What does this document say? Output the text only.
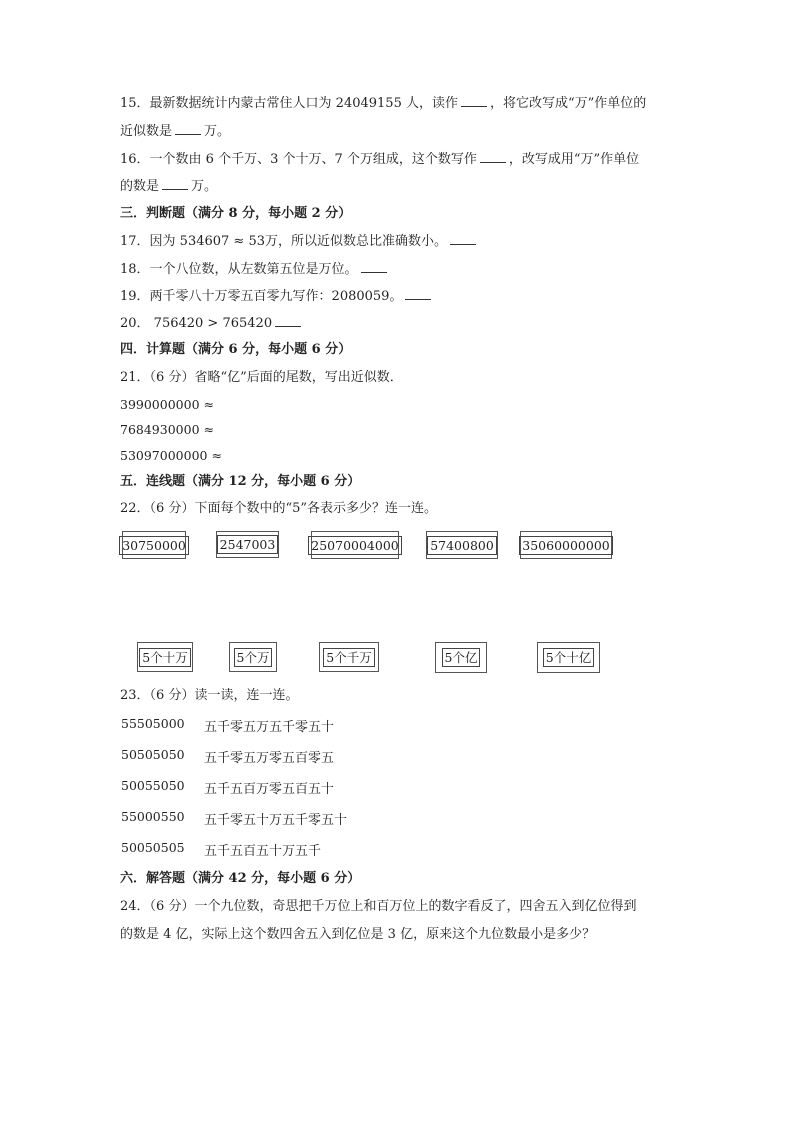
15．最新数据统计内蒙古常住人口为 24049155 人，读作 ，将它改写成“万”作单位的
近似数是 万。
16．一个数由 6 个千万、3 个十万、7 个万组成，这个数写作 ，改写成用“万”作单位
的数是 万。
三．判断题（满分 8 分，每小题 2 分）
17．因为 534607 ≈ 53万，所以近似数总比准确数小。
18．一个八位数，从左数第五位是万位。
19．两千零八十万零五百零九写作：2080059。
20． 756420 > 765420
四．计算题（满分 6 分，每小题 6 分）
21．（6 分）省略“亿”后面的尾数，写出近似数．
3990000000 ≈
7684930000 ≈
53097000000 ≈
五．连线题（满分 12 分，每小题 6 分）
22．（6 分）下面每个数中的“5”各表示多少？连一连。
30750000	2547003	25070004000	57400800 35060000000
5个十万	5个万	5个千万	5个亿	5个十亿
23．（6 分）读一读，连一连。
55505000 五千零五万五千零五十
50505050 五千零五万零五百零五
50055050 五千五百万零五百五十
55000550 五千零五十万五千零五十
50050505 五千五百五十万五千
六．解答题（满分 42 分，每小题 6 分）
24．（6 分）一个九位数，奇思把千万位上和百万位上的数字看反了，四舍五入到亿位得到
的数是 4 亿，实际上这个数四舍五入到亿位是 3 亿，原来这个九位数最小是多少？
